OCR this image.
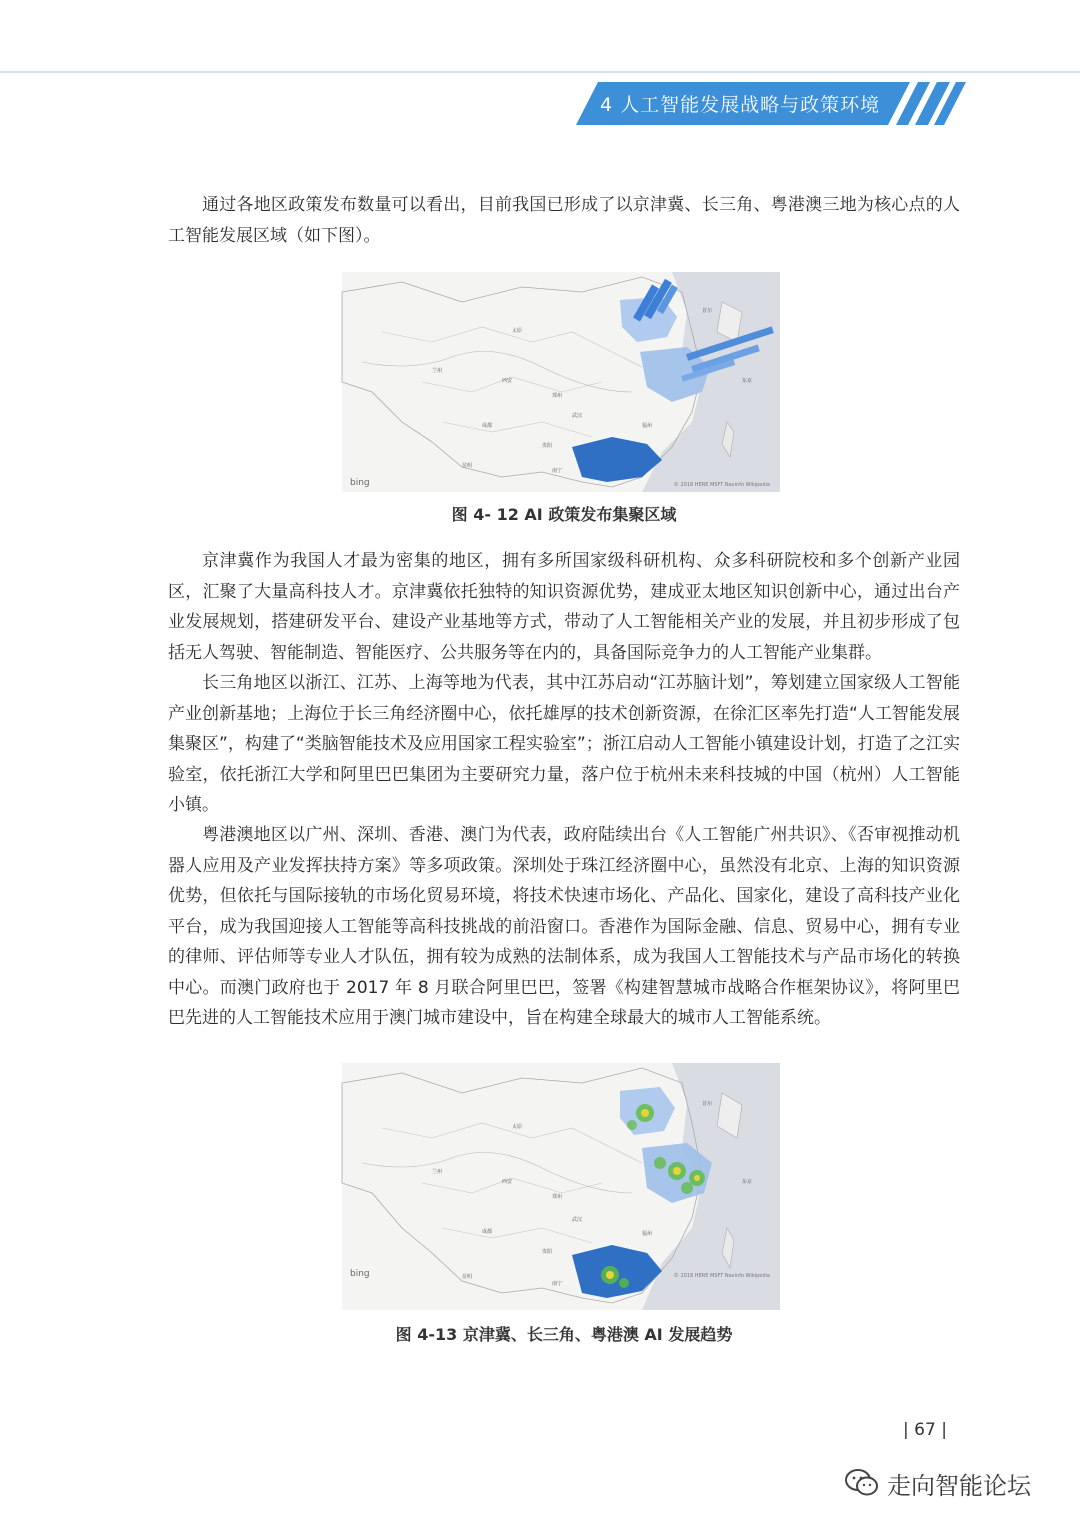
4 人工智能发展战略与政策环境

通过各地区政策发布数量可以看出，目前我国已形成了以京津冀、长三角、粤港澳三地为核心点的人工智能发展区域（如下图）。

太原
兰州
西安
郑州
武汉
成都
贵阳
昆明
南宁
福州
首尔
东京
bing	© 2018 HERE MSFT Navinfo Wikipedia
图 4- 12 AI 政策发布集聚区域

京津冀作为我国人才最为密集的地区，拥有多所国家级科研机构、众多科研院校和多个创新产业园区，汇聚了大量高科技人才。京津冀依托独特的知识资源优势，建成亚太地区知识创新中心，通过出台产业发展规划，搭建研发平台、建设产业基地等方式，带动了人工智能相关产业的发展，并且初步形成了包括无人驾驶、智能制造、智能医疗、公共服务等在内的，具备国际竞争力的人工智能产业集群。

长三角地区以浙江、江苏、上海等地为代表，其中江苏启动“江苏脑计划”，筹划建立国家级人工智能产业创新基地；上海位于长三角经济圈中心，依托雄厚的技术创新资源，在徐汇区率先打造“人工智能发展集聚区”，构建了“类脑智能技术及应用国家工程实验室”；浙江启动人工智能小镇建设计划，打造了之江实验室，依托浙江大学和阿里巴巴集团为主要研究力量，落户位于杭州未来科技城的中国（杭州）人工智能小镇。

粤港澳地区以广州、深圳、香港、澳门为代表，政府陆续出台《人工智能广州共识》、《否审视推动机器人应用及产业发挥扶持方案》等多项政策。深圳处于珠江经济圈中心，虽然没有北京、上海的知识资源优势，但依托与国际接轨的市场化贸易环境，将技术快速市场化、产品化、国家化，建设了高科技产业化平台，成为我国迎接人工智能等高科技挑战的前沿窗口。香港作为国际金融、信息、贸易中心，拥有专业的律师、评估师等专业人才队伍，拥有较为成熟的法制体系，成为我国人工智能技术与产品市场化的转换中心。而澳门政府也于 2017 年 8 月联合阿里巴巴，签署《构建智慧城市战略合作框架协议》，将阿里巴巴先进的人工智能技术应用于澳门城市建设中，旨在构建全球最大的城市人工智能系统。

太原
兰州
西安
郑州
武汉
成都
贵阳
昆明
南宁
福州
首尔
东京
bing	© 2018 HERE MSFT Navinfo Wikipedia
图 4-13 京津冀、长三角、粤港澳 AI 发展趋势
| 67 |
走向智能论坛
